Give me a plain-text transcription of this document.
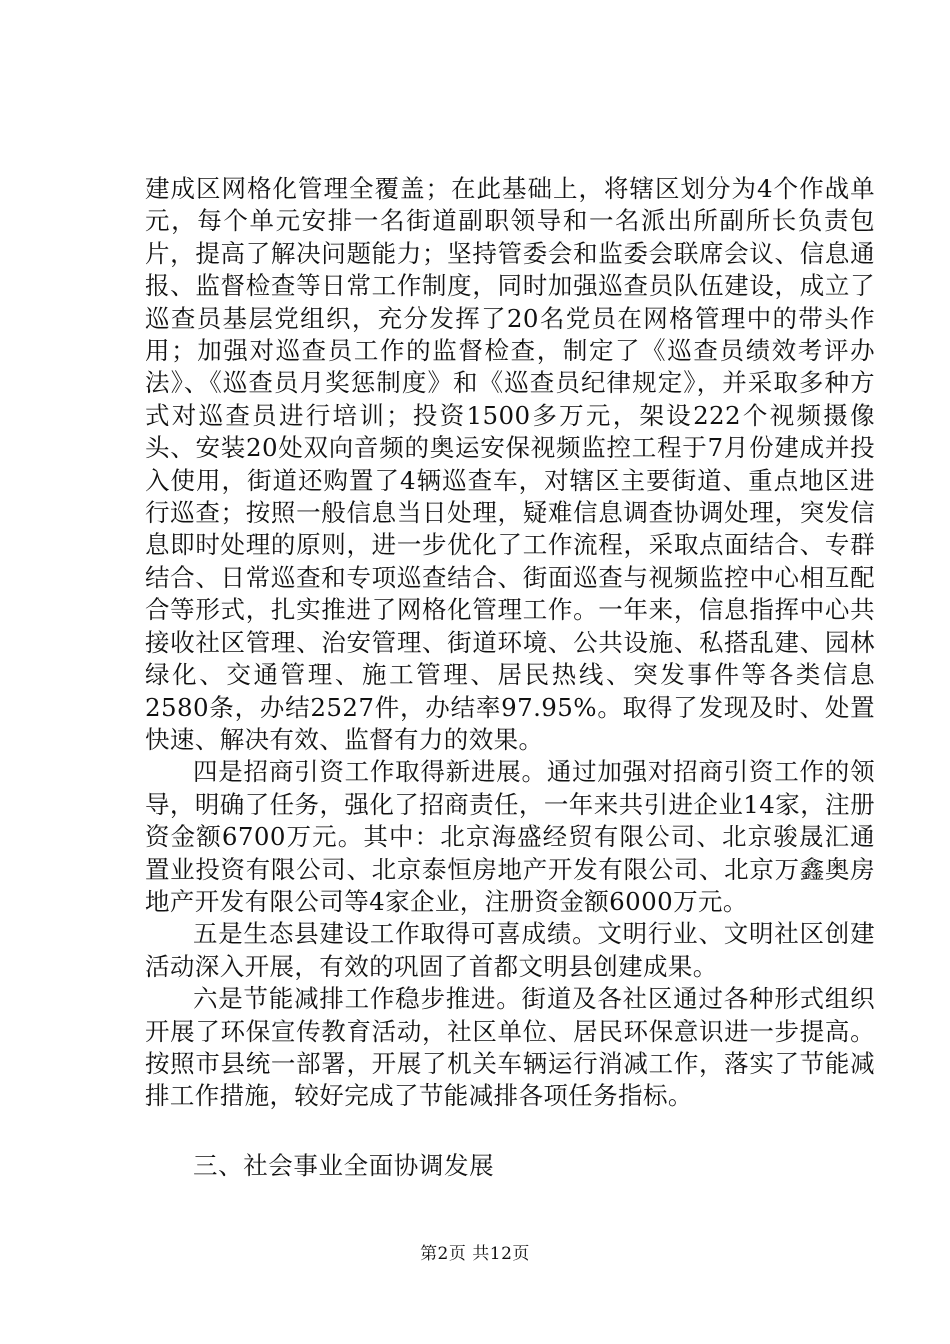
建成区网格化管理全覆盖；在此基础上，将辖区划分为4个作战单元，每个单元安排一名街道副职领导和一名派出所副所长负责包片，提高了解决问题能力；坚持管委会和监委会联席会议、信息通报、监督检查等日常工作制度，同时加强巡查员队伍建设，成立了巡查员基层党组织，充分发挥了20名党员在网格管理中的带头作用；加强对巡查员工作的监督检查，制定了《巡查员绩效考评办法》、《巡查员月奖惩制度》和《巡查员纪律规定》，并采取多种方式对巡查员进行培训；投资1500多万元，架设222个视频摄像头、安装20处双向音频的奥运安保视频监控工程于7月份建成并投入使用，街道还购置了4辆巡查车，对辖区主要街道、重点地区进行巡查；按照一般信息当日处理，疑难信息调查协调处理，突发信息即时处理的原则，进一步优化了工作流程，采取点面结合、专群结合、日常巡查和专项巡查结合、街面巡查与视频监控中心相互配合等形式，扎实推进了网格化管理工作。一年来，信息指挥中心共接收社区管理、治安管理、街道环境、公共设施、私搭乱建、园林绿化、交通管理、施工管理、居民热线、突发事件等各类信息2580条，办结2527件，办结率97.95%。取得了发现及时、处置快速、解决有效、监督有力的效果。

四是招商引资工作取得新进展。通过加强对招商引资工作的领导，明确了任务，强化了招商责任，一年来共引进企业14家，注册资金额6700万元。其中：北京海盛经贸有限公司、北京骏晟汇通置业投资有限公司、北京泰恒房地产开发有限公司、北京万鑫奥房地产开发有限公司等4家企业，注册资金额6000万元。

五是生态县建设工作取得可喜成绩。文明行业、文明社区创建活动深入开展，有效的巩固了首都文明县创建成果。

六是节能减排工作稳步推进。街道及各社区通过各种形式组织开展了环保宣传教育活动，社区单位、居民环保意识进一步提高。按照市县统一部署，开展了机关车辆运行消减工作，落实了节能减排工作措施，较好完成了节能减排各项任务指标。

三、社会事业全面协调发展

第2页 共12页
